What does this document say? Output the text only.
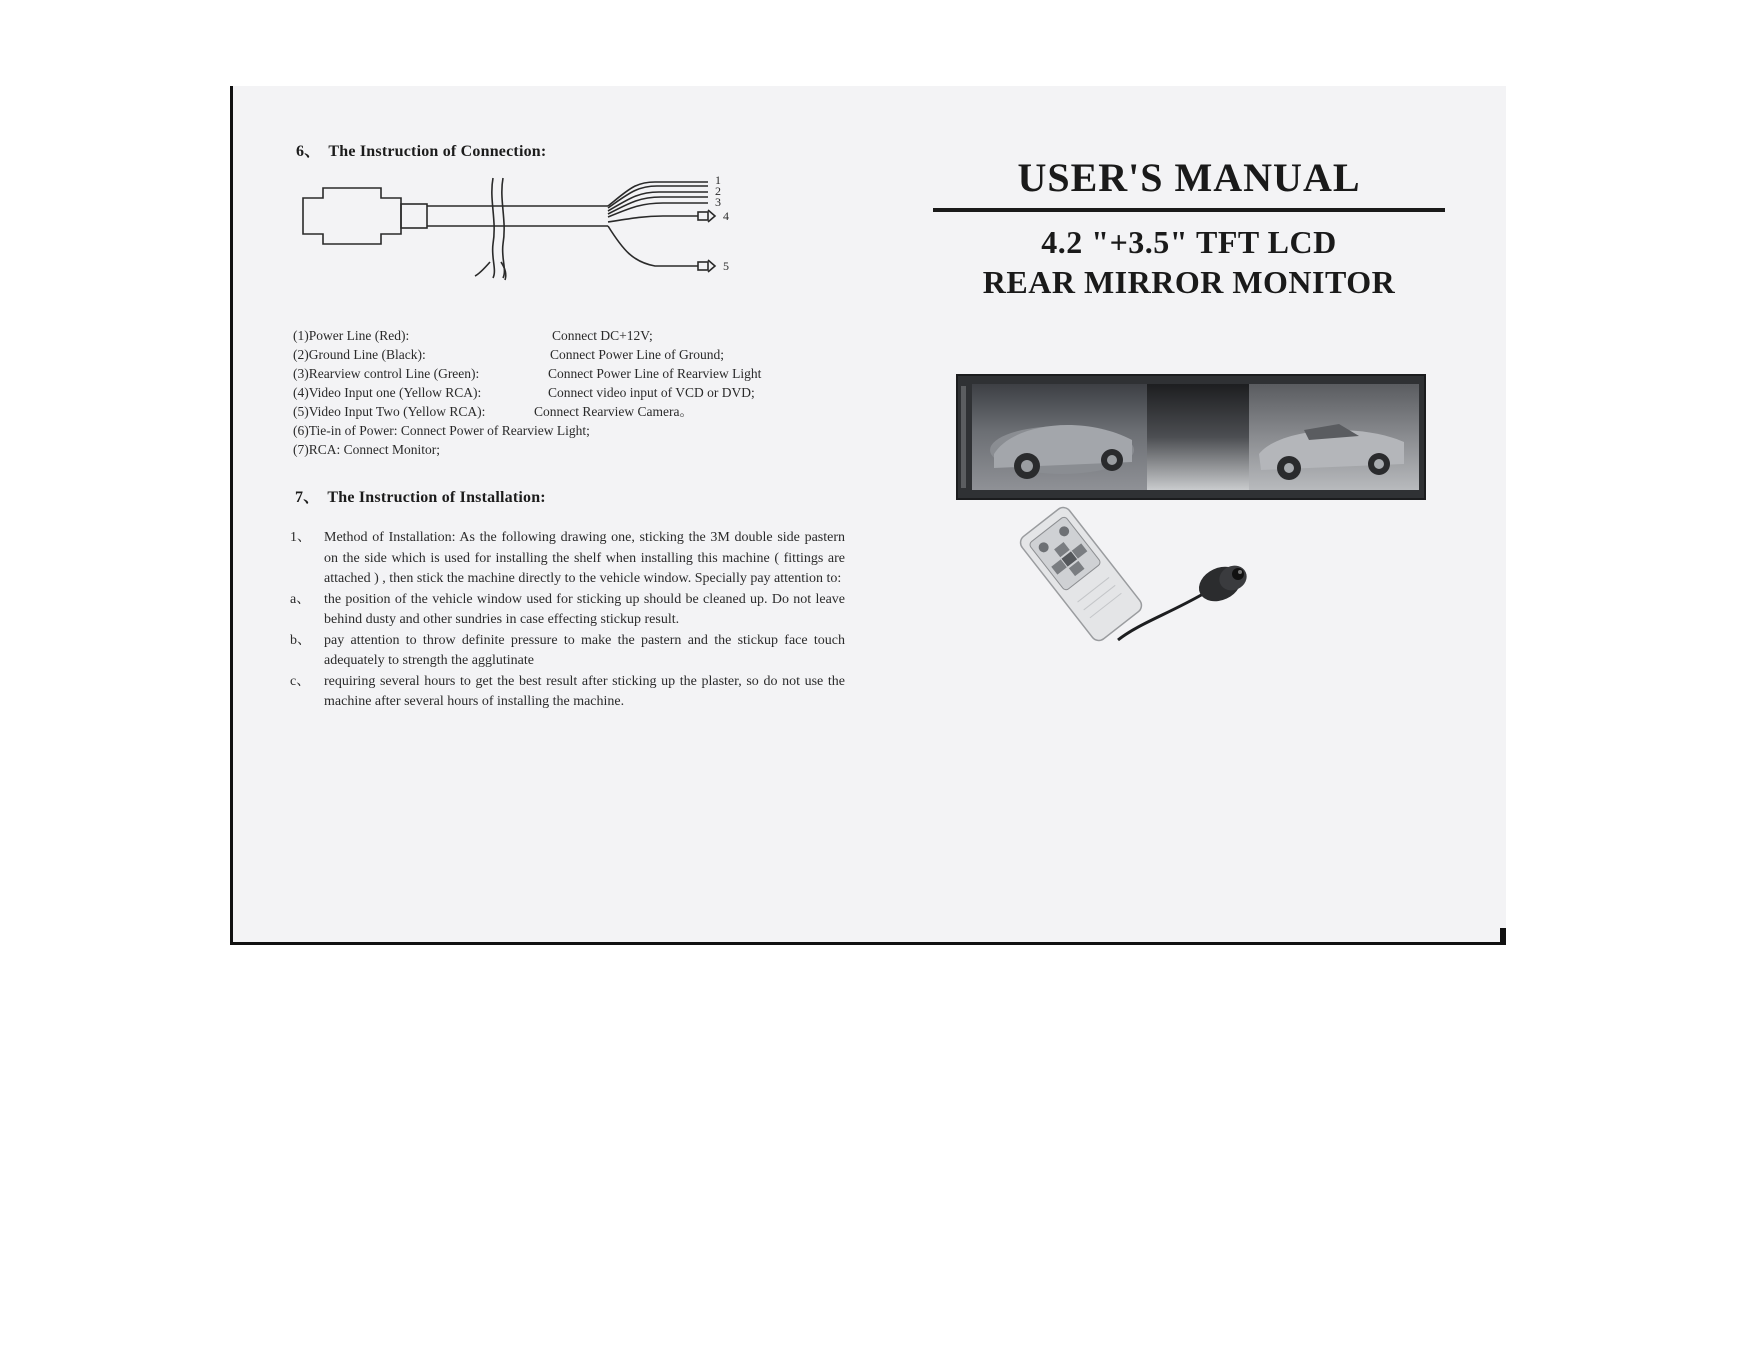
6、 The Instruction of Connection:
1
2
3
4
5
(1)Power Line (Red):	Connect DC+12V;
(2)Ground Line (Black):	Connect Power Line of Ground;
(3)Rearview control Line (Green):	Connect Power Line of Rearview Light
(4)Video Input one (Yellow RCA):	Connect video input of VCD or DVD;
(5)Video Input Two (Yellow RCA):	Connect Rearview Camera。
(6)Tie-in of Power: Connect Power of Rearview Light;
(7)RCA: Connect Monitor;
7、 The Instruction of Installation:
1、 Method of Installation: As the following drawing one, sticking the 3M double side pastern on the side which is used for installing the shelf when installing this machine ( fittings are attached ) , then stick the machine directly to the vehicle window. Specially pay attention to:
a、 the position of the vehicle window used for sticking up should be cleaned up. Do not leave behind dusty and other sundries in case effecting stickup result.
b、 pay attention to throw definite pressure to make the pastern and the stickup face touch adequately to strength the agglutinate
c、 requiring several hours to get the best result after sticking up the plaster, so do not use the machine after several hours of installing the machine.
USER'S MANUAL
4.2 "+3.5" TFT LCD
REAR MIRROR MONITOR
